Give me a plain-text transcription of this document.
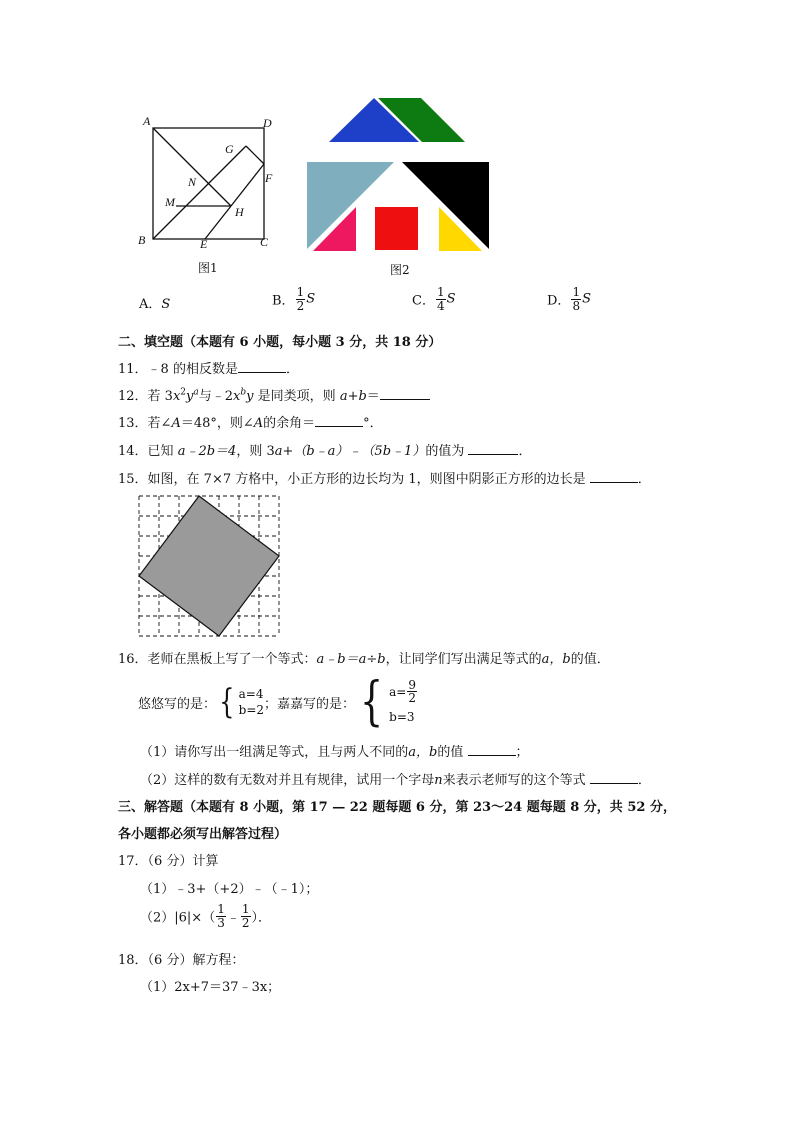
A	D
G
F
N
M
H
B	E	C
图1	图2
A．S	B． $\frac{1}{2}$ S	C． $\frac{1}{4}$ S	D． $\frac{1}{8}$ S
二、填空题（本题有 6 小题，每小题 3 分，共 18 分）
11．﹣8 的相反数是	．
12．若 $3x^2y^a$与$﹣2x^by$ 是同类项，则 a+b＝
13．若∠A＝48°，则∠A的余角＝	°．
14．已知 a﹣2b＝4，则 3a+（b﹣a）﹣（5b﹣1）的值为	．
15．如图，在 7×7 方格中，小正方形的边长均为 1，则图中阴影正方形的边长是	．
16．老师在黑板上写了一个等式：a﹣b＝a÷b，让同学们写出满足等式的a，b的值．
悠悠写的是： { a=4
b=2 ；嘉嘉写的是： { $a= \frac{9}{2}$
b=3
（1）请你写出一组满足等式，且与两人不同的a，b的值	；
（2）这样的数有无数对并且有规律，试用一个字母n来表示老师写的这个等式	．
三、解答题（本题有 8 小题，第 17 — 22 题每题 6 分，第 23～24 题每题 8 分，共 52 分，
各小题都必须写出解答过程）
17．（6 分）计算
（1）﹣3+（+2）﹣（﹣1）；
$(2)|6|\times( \frac{1}{3}$ ﹣ $\frac{1}{2}$ ）．
18．（6 分）解方程：
（1）2x+7＝37﹣3x；
